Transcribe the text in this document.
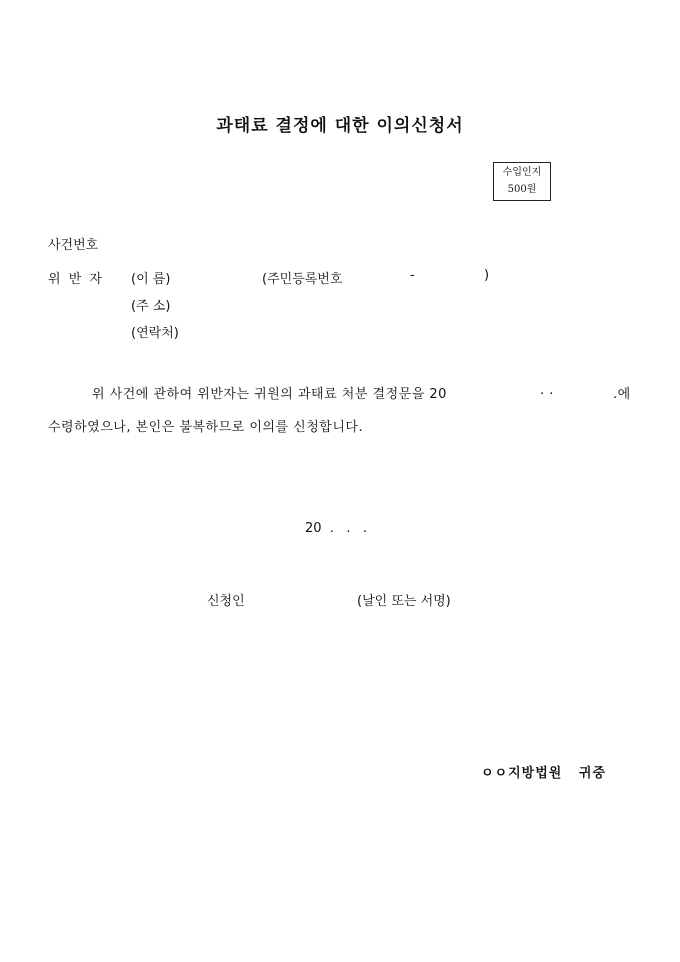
과태료 결정에 대한 이의신청서
수입인지
500원
사건번호
위 반 자 (이 름)	(주민등록번호	-	)
(주 소)
(연락처)
위 사건에 관하여 위반자는 귀원의 과태료 처분 결정문을 20	. .	.에
수령하였으나, 본인은 불복하므로 이의를 신청합니다.
20  .   .   .
신청인	(날인 또는 서명)
ㅇㅇ지방법원   귀중
